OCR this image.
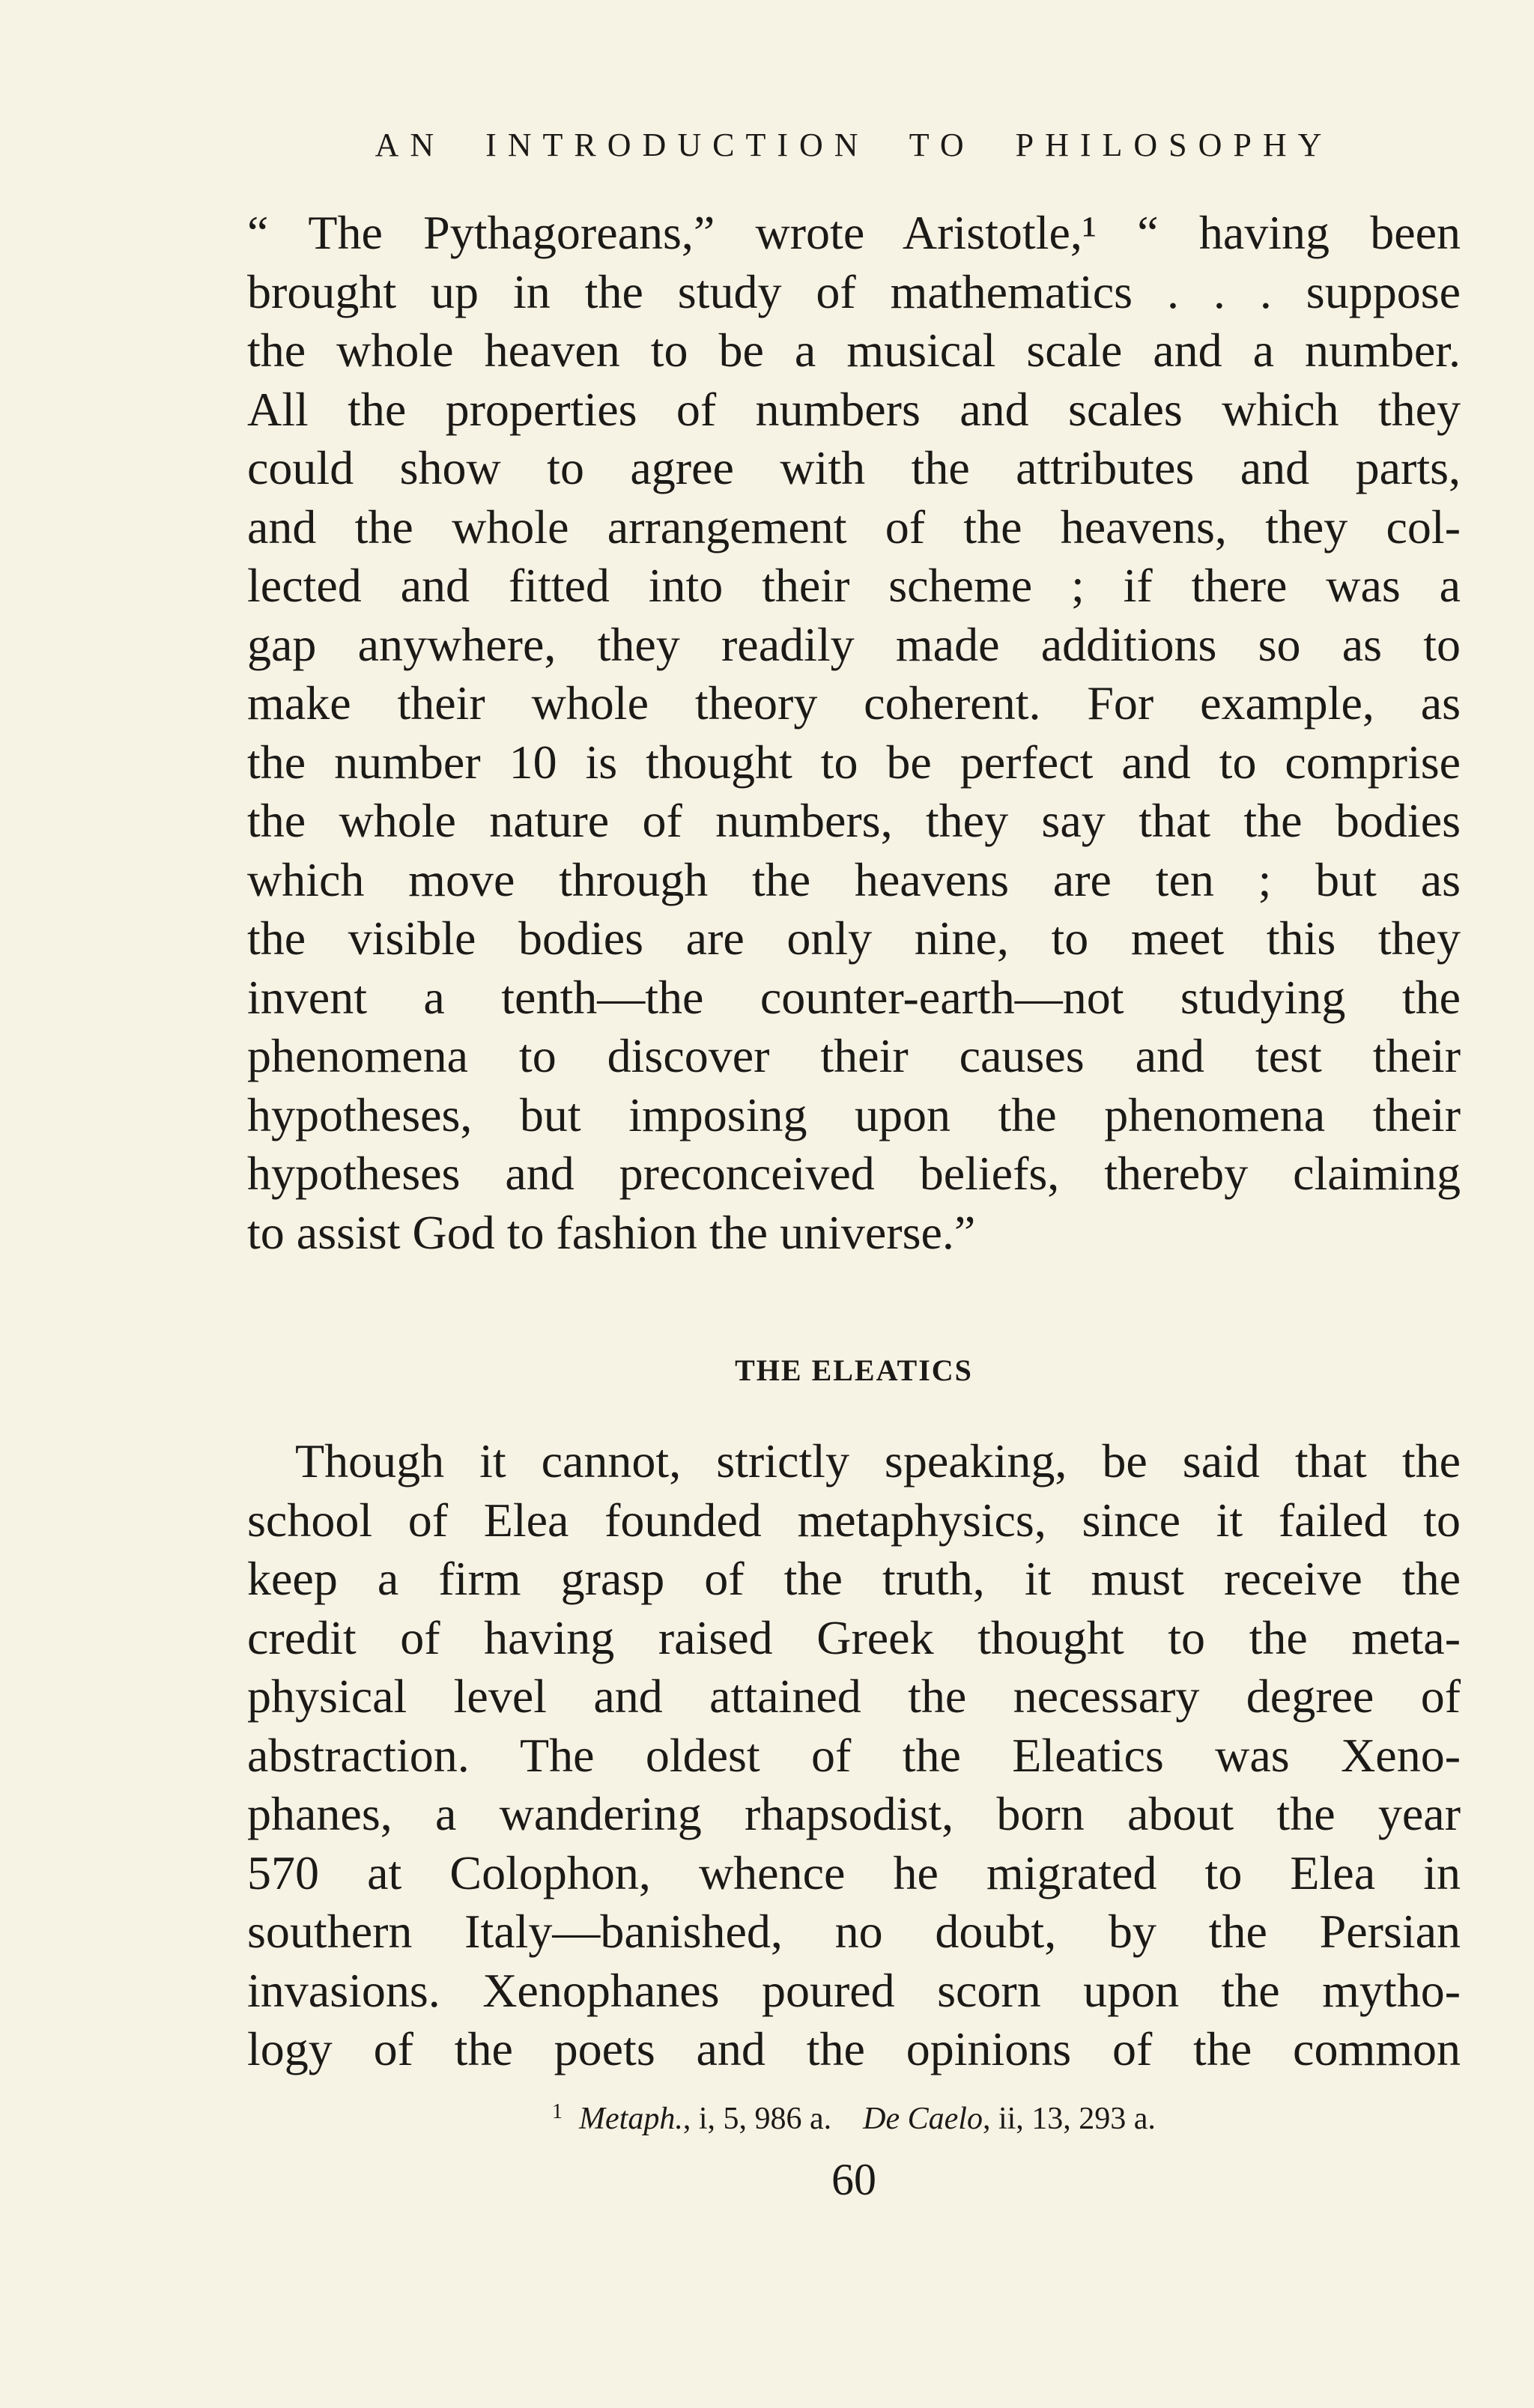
AN INTRODUCTION TO PHILOSOPHY
“ The Pythagoreans,” wrote Aristotle,¹ “ having been
brought up in the study of mathematics . . . suppose
the whole heaven to be a musical scale and a number.
All the properties of numbers and scales which they
could show to agree with the attributes and parts,
and the whole arrangement of the heavens, they col-
lected and fitted into their scheme ; if there was a
gap anywhere, they readily made additions so as to
make their whole theory coherent. For example, as
the number 10 is thought to be perfect and to comprise
the whole nature of numbers, they say that the bodies
which move through the heavens are ten ; but as
the visible bodies are only nine, to meet this they
invent a tenth—the counter-earth—not studying the
phenomena to discover their causes and test their
hypotheses, but imposing upon the phenomena their
hypotheses and preconceived beliefs, thereby claiming
to assist God to fashion the universe.”
THE ELEATICS
Though it cannot, strictly speaking, be said that the
school of Elea founded metaphysics, since it failed to
keep a firm grasp of the truth, it must receive the
credit of having raised Greek thought to the meta-
physical level and attained the necessary degree of
abstraction. The oldest of the Eleatics was Xeno-
phanes, a wandering rhapsodist, born about the year
570 at Colophon, whence he migrated to Elea in
southern Italy—banished, no doubt, by the Persian
invasions. Xenophanes poured scorn upon the mytho-
logy of the poets and the opinions of the common
$^1$ Metaph., i, 5, 986 a. De Caelo, ii, 13, 293 a.
60
